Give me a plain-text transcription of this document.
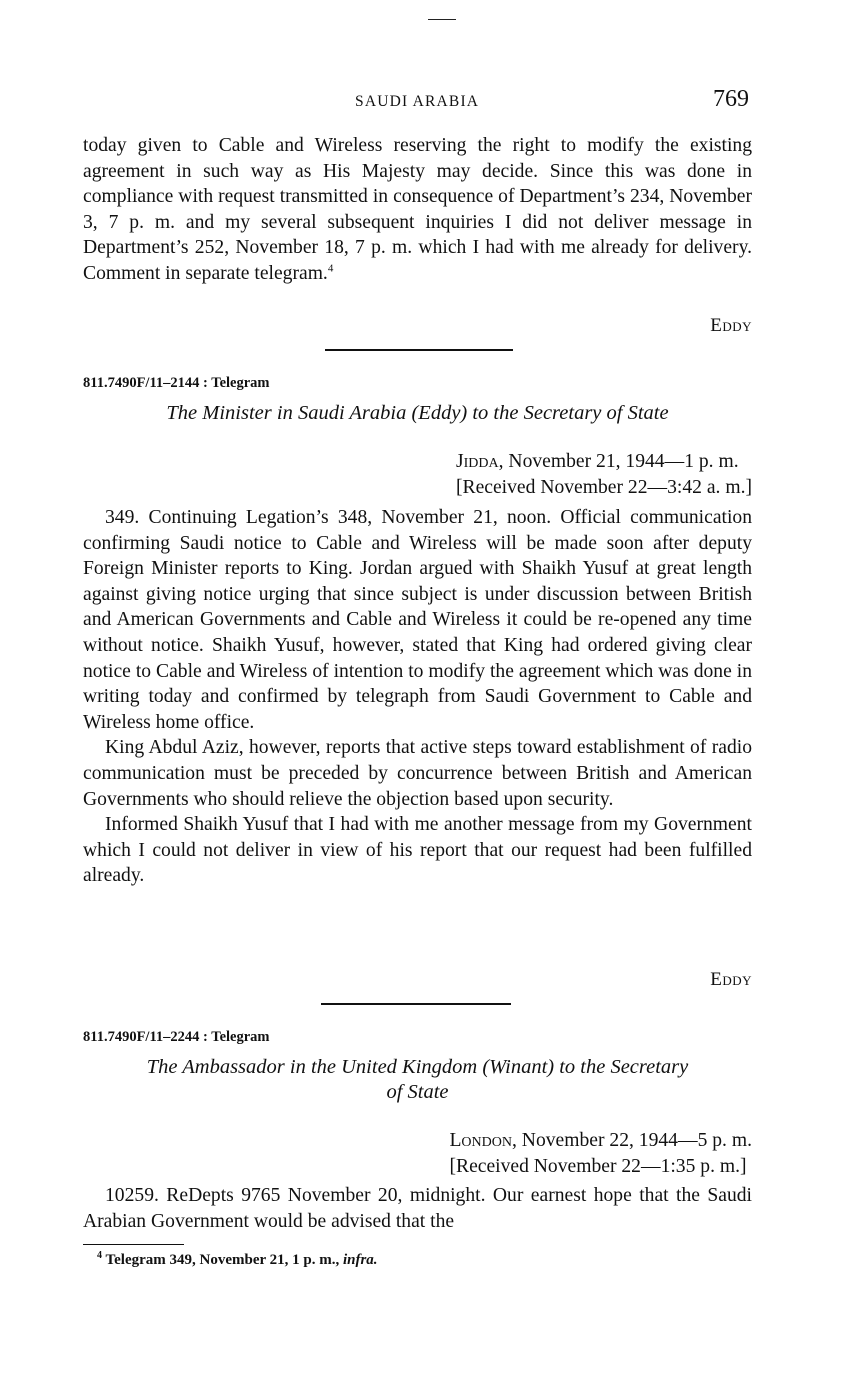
SAUDI ARABIA	769

today given to Cable and Wireless reserving the right to modify the existing agreement in such way as His Majesty may decide. Since this was done in compliance with request transmitted in consequence of Department’s 234, November 3, 7 p. m. and my several subsequent inquiries I did not deliver message in Department’s 252, November 18, 7 p. m. which I had with me already for delivery. Comment in separate telegram.$^4$

Eddy
811.7490F/11–2144 : Telegram
The Minister in Saudi Arabia (Eddy) to the Secretary of State
Jidda, November 21, 1944—1 p. m.
[Received November 22—3:42 a. m.]

349. Continuing Legation’s 348, November 21, noon. Official communication confirming Saudi notice to Cable and Wireless will be made soon after deputy Foreign Minister reports to King. Jordan argued with Shaikh Yusuf at great length against giving notice urging that since subject is under discussion between British and American Governments and Cable and Wireless it could be re-opened any time without notice. Shaikh Yusuf, however, stated that King had ordered giving clear notice to Cable and Wireless of intention to modify the agreement which was done in writing today and confirmed by telegraph from Saudi Government to Cable and Wireless home office.

King Abdul Aziz, however, reports that active steps toward establishment of radio communication must be preceded by concurrence between British and American Governments who should relieve the objection based upon security.

Informed Shaikh Yusuf that I had with me another message from my Government which I could not deliver in view of his report that our request had been fulfilled already.

Eddy
811.7490F/11–2244 : Telegram
The Ambassador in the United Kingdom (Winant) to the Secretary
of State
London, November 22, 1944—5 p. m.
[Received November 22—1:35 p. m.]

10259. ReDepts 9765 November 20, midnight. Our earnest hope that the Saudi Arabian Government would be advised that the

$^4$ Telegram 349, November 21, 1 p. m., infra.
